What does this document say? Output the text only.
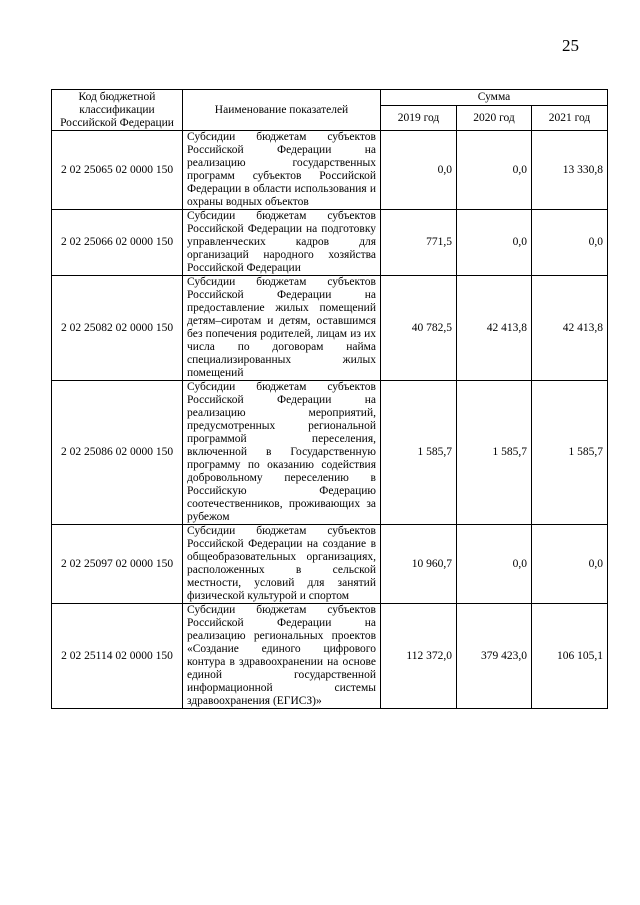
25
Код бюджетной классификации Российской Федерации	Наименование показателей	Сумма		
		2019 год	2020 год	2021 год
2 02 25065 02 0000 150	Субсидии бюджетам субъектов Российской Федерации на реализацию государственных программ субъектов Российской Федерации в области использования и охраны водных объектов	0,0	0,0	13 330,8
2 02 25066 02 0000 150	Субсидии бюджетам субъектов Российской Федерации на подготовку управленческих кадров для организаций народного хозяйства Российской Федерации	771,5	0,0	0,0
2 02 25082 02 0000 150	Субсидии бюджетам субъектов Российской Федерации на предоставление жилых помещений детям–сиротам и детям, оставшимся без попечения родителей, лицам из их числа по договорам найма специализированных жилых помещений	40 782,5	42 413,8	42 413,8
2 02 25086 02 0000 150	Субсидии бюджетам субъектов Российской Федерации на реализацию мероприятий, предусмотренных региональной программой переселения, включенной в Государственную программу по оказанию содействия добровольному переселению в Российскую Федерацию соотечественников, проживающих за рубежом	1 585,7	1 585,7	1 585,7
2 02 25097 02 0000 150	Субсидии бюджетам субъектов Российской Федерации на создание в общеобразовательных организациях, расположенных в сельской местности, условий для занятий физической культурой и спортом	10 960,7	0,0	0,0
2 02 25114 02 0000 150	Субсидии бюджетам субъектов Российской Федерации на реализацию региональных проектов «Создание единого цифрового контура в здравоохранении на основе единой государственной информационной системы здравоохранения (ЕГИСЗ)»	112 372,0	379 423,0	106 105,1
